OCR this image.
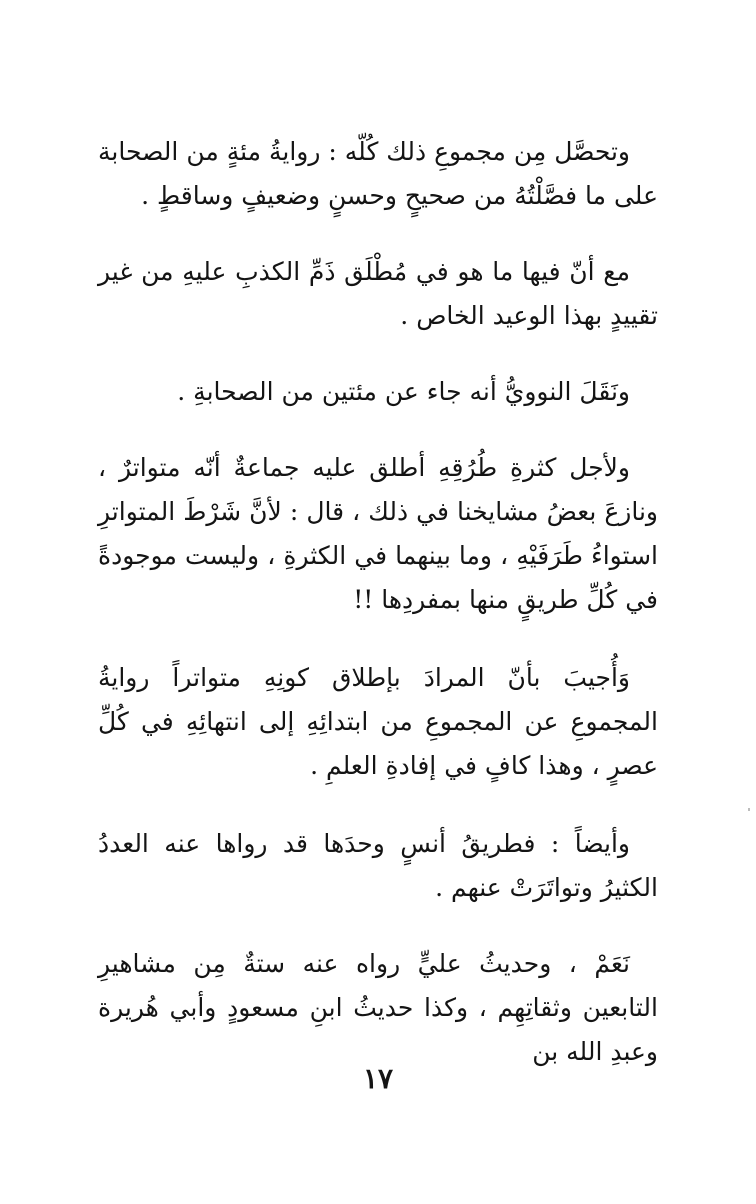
وتحصَّل مِن مجموعِ ذلك كُلّه : روايةُ مئةٍ من الصحابة على ما فصَّلْتُهُ من صحيحٍ وحسنٍ وضعيفٍ وساقطٍ .

مع أنّ فيها ما هو في مُطْلَق ذَمِّ الكذبِ عليهِ من غير تقييدٍ بهذا الوعيد الخاص .

ونَقَلَ النوويُّ أنه جاء عن مئتين من الصحابةِ .

ولأجل كثرةِ طُرُقِهِ أطلق عليه جماعةٌ أنّه متواترٌ ، ونازعَ بعضُ مشايخنا في ذلك ، قال : لأنَّ شَرْطَ المتواترِ استواءُ طَرَفَيْهِ ، وما بينهما في الكثرةِ ، وليست موجودةً في كُلِّ طريقٍ منها بمفردِها !!

وَأُجيبَ بأنّ المرادَ بإطلاق كونِهِ متواتراً روايةُ المجموعِ عن المجموعِ من ابتدائِهِ إلى انتهائِهِ في كُلِّ عصرٍ ، وهذا كافٍ في إفادةِ العلمِ .

وأيضاً : فطريقُ أنسٍ وحدَها قد رواها عنه العددُ الكثيرُ وتواتَرَتْ عنهم .

نَعَمْ ، وحديثُ عليٍّ رواه عنه ستةٌ مِن مشاهيرِ التابعين وثقاتِهِم ، وكذا حديثُ ابنِ مسعودٍ وأبي هُريرة وعبدِ الله بن

١٧
